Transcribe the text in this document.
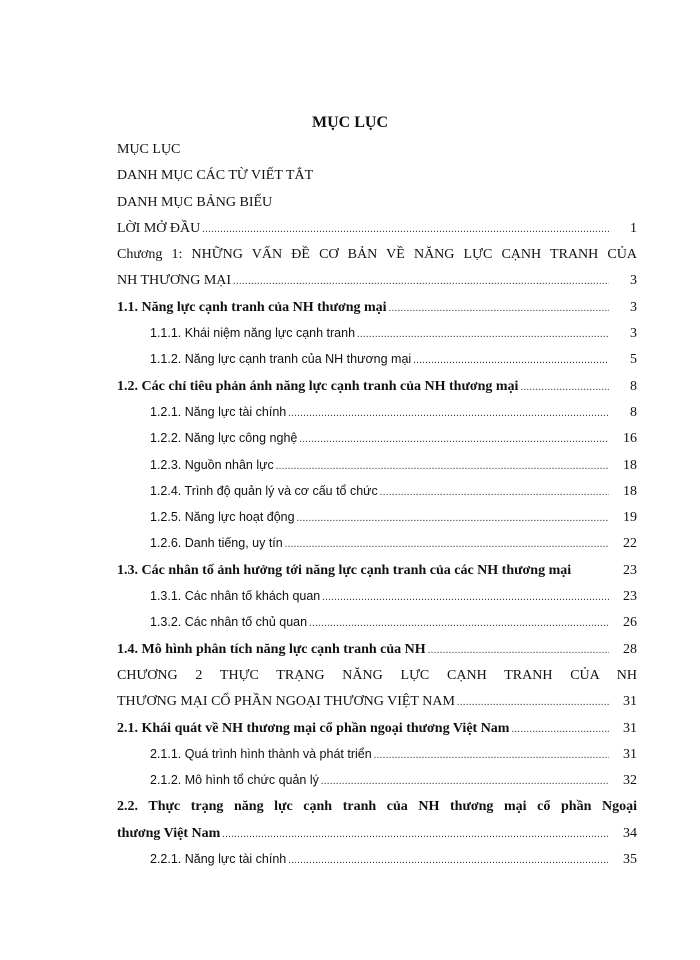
MỤC LỤC
MỤC LỤC
DANH MỤC CÁC TỪ VIẾT TẮT
DANH MỤC BẢNG BIỂU
LỜI MỞ ĐẦU .....	1
Chương 1: NHỮNG VẤN ĐỀ CƠ BẢN VỀ NĂNG LỰC CẠNH TRANH CỦA
NH THƯƠNG MẠI .....	3
1.1. Năng lực cạnh tranh của NH thương mại .....	3
1.1.1. Khái niệm năng lực cạnh tranh .....	3
1.1.2. Năng lực cạnh tranh của NH thương mại .....	5
1.2. Các chỉ tiêu phản ánh năng lực cạnh tranh của NH thương mại .....	8
1.2.1. Năng lực tài chính .....	8
1.2.2. Năng lực công nghệ .....	16
1.2.3. Nguồn nhân lực .....	18
1.2.4. Trình độ quản lý và cơ cấu tổ chức .....	18
1.2.5. Năng lực hoạt động .....	19
1.2.6. Danh tiếng, uy tín .....	22
1.3. Các nhân tố ảnh hưởng tới năng lực cạnh tranh của các NH thương mại	23
1.3.1. Các nhân tố khách quan .....	23
1.3.2. Các nhân tố chủ quan .....	26
1.4. Mô hình phân tích năng lực cạnh tranh của NH .....	28
CHƯƠNG 2 THỰC TRẠNG NĂNG LỰC CẠNH TRANH CỦA NH
THƯƠNG MẠI CỔ PHẦN NGOẠI THƯƠNG VIỆT NAM .....	31
2.1. Khái quát về NH thương mại cổ phần ngoại thương Việt Nam .....	31
2.1.1. Quá trình hình thành và phát triển .....	31
2.1.2. Mô hình tổ chức quản lý .....	32
2.2. Thực trạng năng lực cạnh tranh của NH thương mại cổ phần Ngoại
thương Việt Nam .....	34
2.2.1. Năng lực tài chính .....	35
